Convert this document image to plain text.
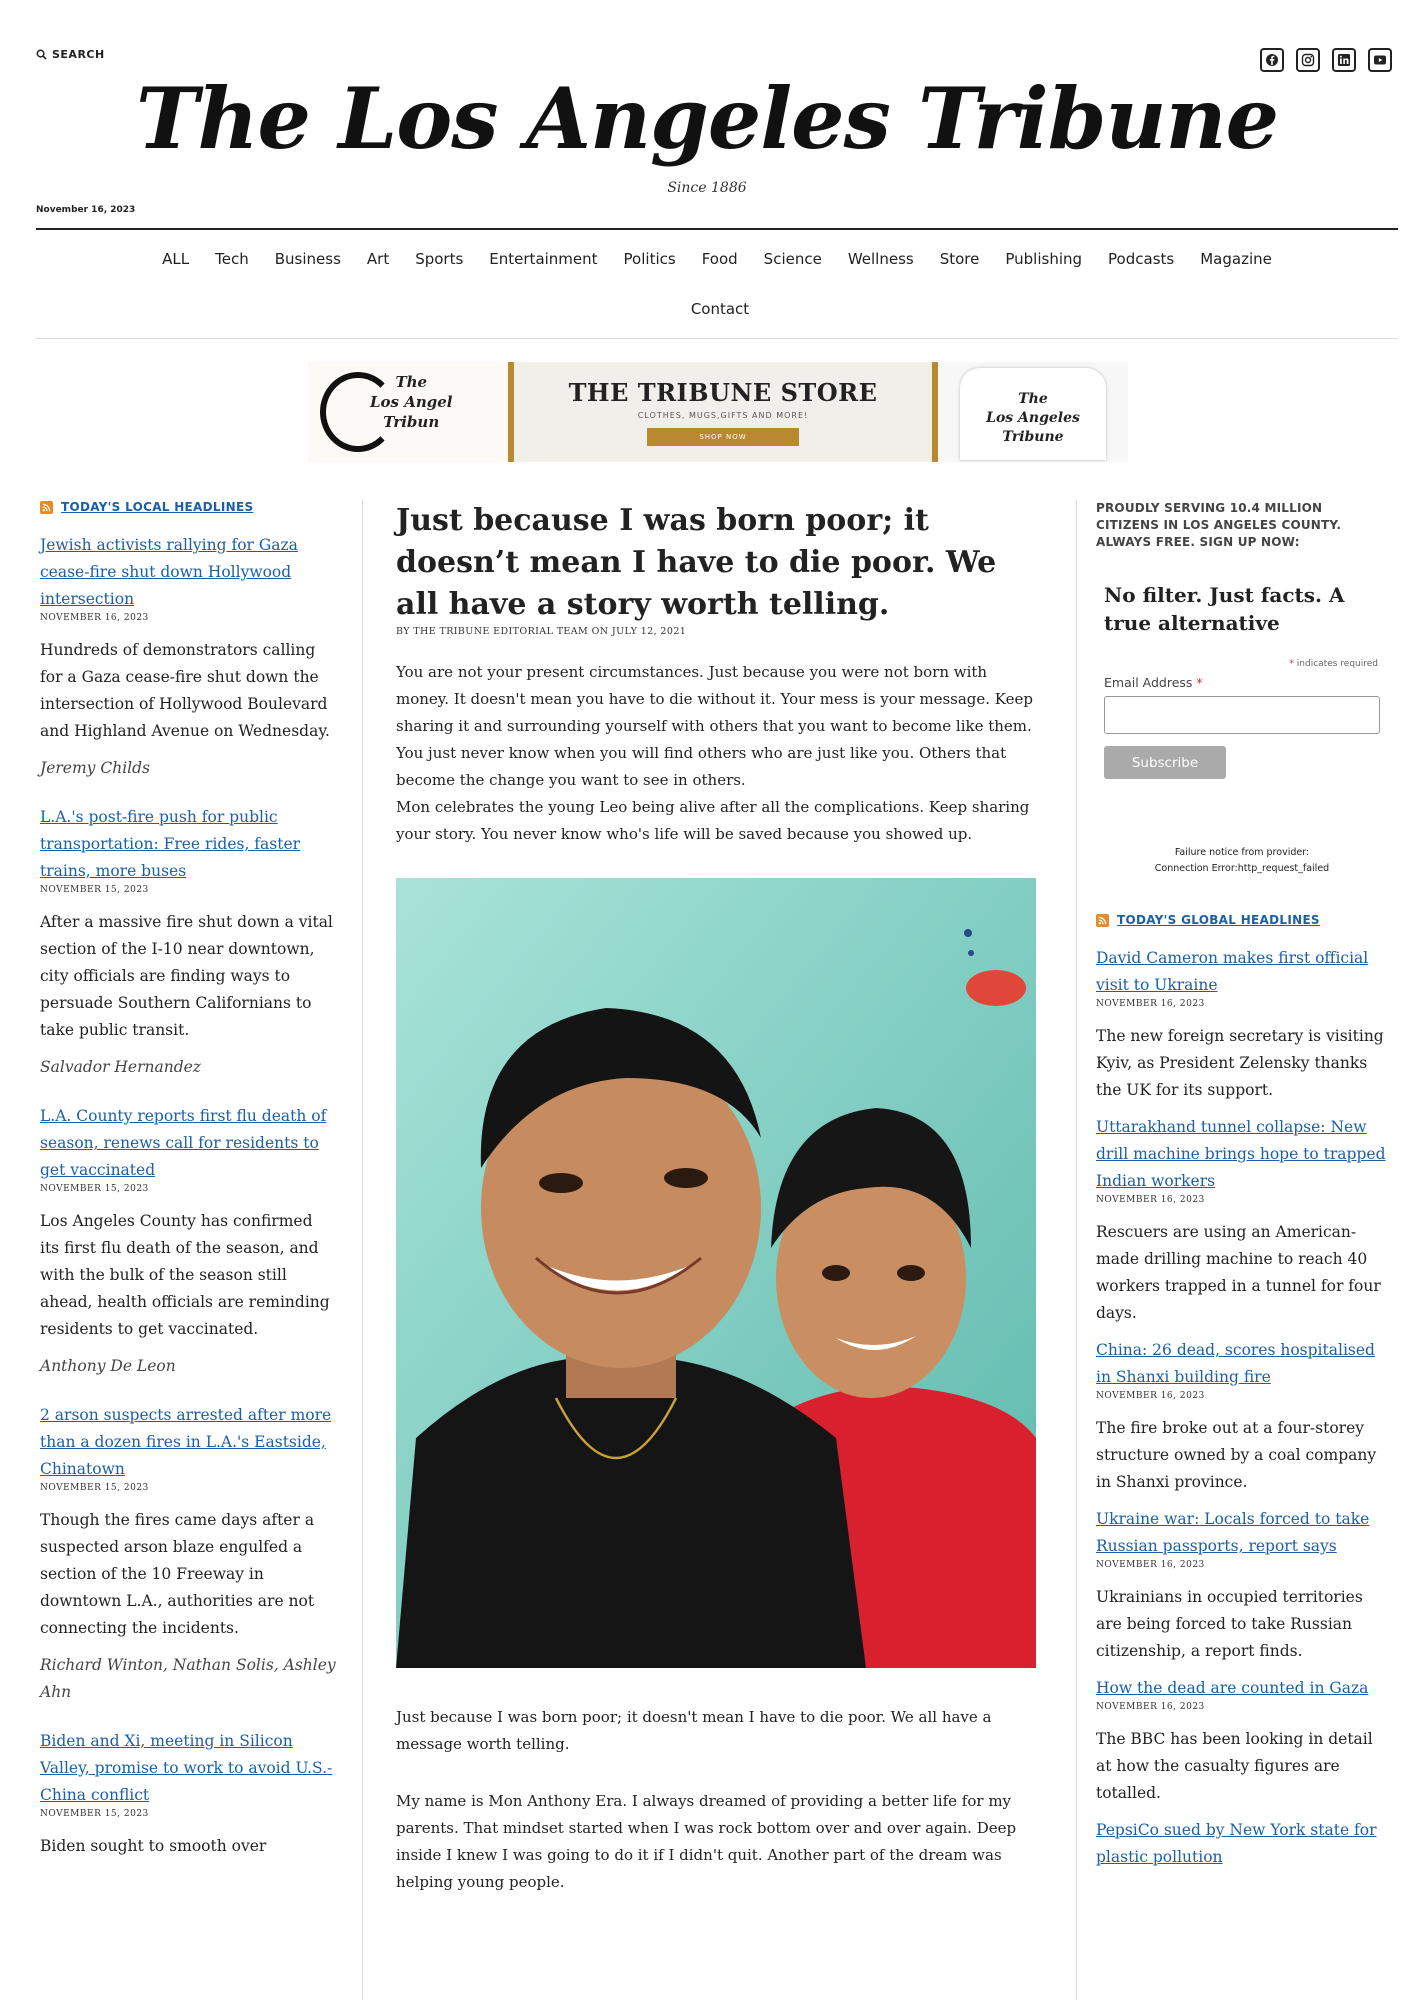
SEARCH
The Los Angeles Tribune
Since 1886
November 16, 2023
ALL Tech Business Art Sports Entertainment Politics Food Science Wellness Store Publishing Podcasts Magazine
Contact
The
Los Angel
Tribun
THE TRIBUNE STORE
CLOTHES, MUGS,GIFTS AND MORE!
SHOP NOW
The
Los Angeles
Tribune
TODAY'S LOCAL HEADLINES
Jewish activists rallying for Gaza cease-fire shut down Hollywood intersection
NOVEMBER 16, 2023
Hundreds of demonstrators calling for a Gaza cease-fire shut down the intersection of Hollywood Boulevard and Highland Avenue on Wednesday.
Jeremy Childs
L.A.'s post-fire push for public transportation: Free rides, faster trains, more buses
NOVEMBER 15, 2023
After a massive fire shut down a vital section of the I-10 near downtown, city officials are finding ways to persuade Southern Californians to take public transit.
Salvador Hernandez
L.A. County reports first flu death of season, renews call for residents to get vaccinated
NOVEMBER 15, 2023
Los Angeles County has confirmed its first flu death of the season, and with the bulk of the season still ahead, health officials are reminding residents to get vaccinated.
Anthony De Leon
2 arson suspects arrested after more than a dozen fires in L.A.'s Eastside, Chinatown
NOVEMBER 15, 2023
Though the fires came days after a suspected arson blaze engulfed a section of the 10 Freeway in downtown L.A., authorities are not connecting the incidents.
Richard Winton, Nathan Solis, Ashley Ahn
Biden and Xi, meeting in Silicon Valley, promise to work to avoid U.S.-China conflict
NOVEMBER 15, 2023
Biden sought to smooth over
Just because I was born poor; it doesn’t mean I have to die poor. We all have a story worth telling.
BY THE TRIBUNE EDITORIAL TEAM ON JULY 12, 2021

You are not your present circumstances. Just because you were not born with money. It doesn't mean you have to die without it. Your mess is your message. Keep sharing it and surrounding yourself with others that you want to become like them. You just never know when you will find others who are just like you. Others that become the change you want to see in others.

Mon celebrates the young Leo being alive after all the complications. Keep sharing your story. You never know who's life will be saved because you showed up.

Just because I was born poor; it doesn't mean I have to die poor. We all have a message worth telling.

My name is Mon Anthony Era. I always dreamed of providing a better life for my parents. That mindset started when I was rock bottom over and over again. Deep inside I knew I was going to do it if I didn't quit. Another part of the dream was helping young people.

PROUDLY SERVING 10.4 MILLION CITIZENS IN LOS ANGELES COUNTY. ALWAYS FREE. SIGN UP NOW:
No filter. Just facts. A true alternative
* indicates required
Email Address *
Subscribe
Failure notice from provider:
Connection Error:http_request_failed
TODAY'S GLOBAL HEADLINES
David Cameron makes first official visit to Ukraine
NOVEMBER 16, 2023
The new foreign secretary is visiting Kyiv, as President Zelensky thanks the UK for its support.
Uttarakhand tunnel collapse: New drill machine brings hope to trapped Indian workers
NOVEMBER 16, 2023
Rescuers are using an American-made drilling machine to reach 40 workers trapped in a tunnel for four days.
China: 26 dead, scores hospitalised in Shanxi building fire
NOVEMBER 16, 2023
The fire broke out at a four-storey structure owned by a coal company in Shanxi province.
Ukraine war: Locals forced to take Russian passports, report says
NOVEMBER 16, 2023
Ukrainians in occupied territories are being forced to take Russian citizenship, a report finds.
How the dead are counted in Gaza
NOVEMBER 16, 2023
The BBC has been looking in detail at how the casualty figures are totalled.
PepsiCo sued by New York state for plastic pollution
